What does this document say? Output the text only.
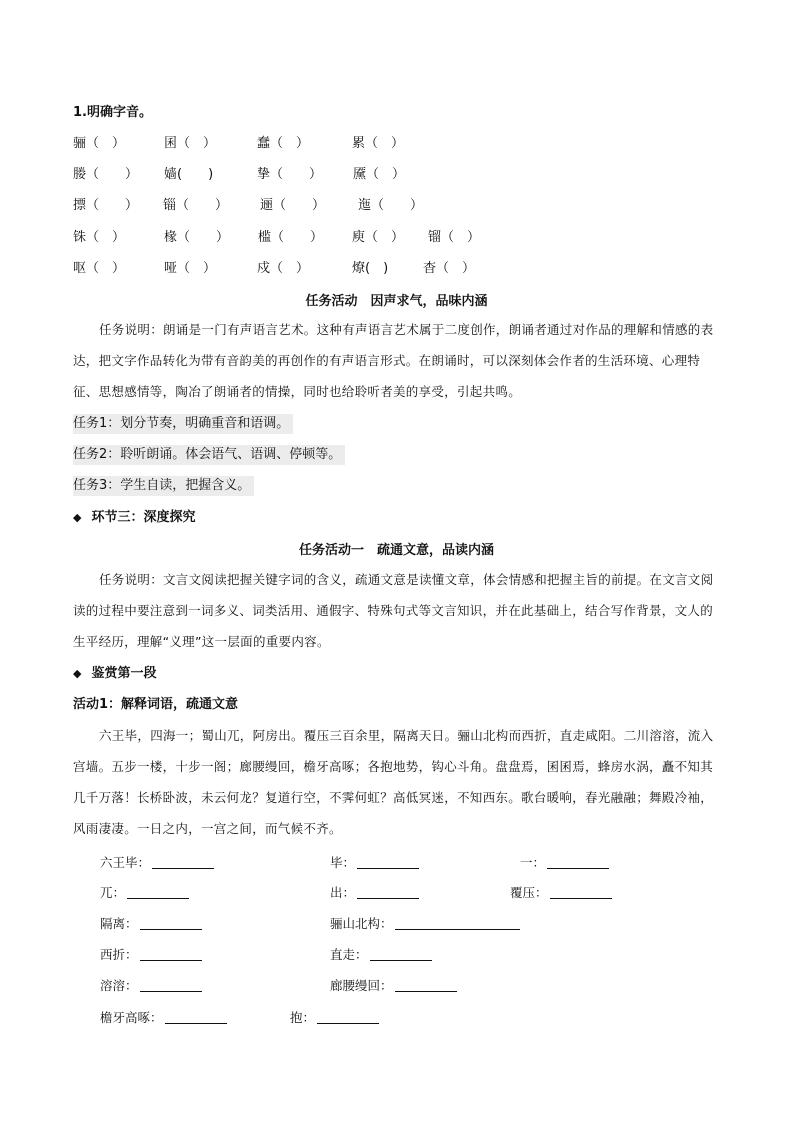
1.明确字音。
骊（　）	囷（　）	蠢（　）	累（　）
媵（　　） 嫱(　　)	挚（　　） 黡（　）
摽（　　） 锱（　　） 逦（　　）	迤（　　）
铢（　）	椽（　　） 槛（　　） 庾（　） 镏（　）
呕（　）	哑（　）	戍（　）	燎(　)	杳（　）
任务活动　因声求气，品味内涵
任务说明：朗诵是一门有声语言艺术。这种有声语言艺术属于二度创作，朗诵者通过对作品的理解和情感的表达，把文字作品转化为带有音韵美的再创作的有声语言形式。在朗诵时，可以深刻体会作者的生活环境、心理特征、思想感情等，陶冶了朗诵者的情操，同时也给聆听者美的享受，引起共鸣。
任务1：划分节奏，明确重音和语调。
任务2：聆听朗诵。体会语气、语调、停顿等。
任务3：学生自读，把握含义。
◆ 环节三：深度探究
任务活动一　疏通文意，品读内涵
任务说明：文言文阅读把握关键字词的含义，疏通文意是读懂文章，体会情感和把握主旨的前提。在文言文阅读的过程中要注意到一词多义、词类活用、通假字、特殊句式等文言知识，并在此基础上，结合写作背景，文人的生平经历，理解“义理”这一层面的重要内容。
◆ 鉴赏第一段
活动1：解释词语，疏通文意
六王毕，四海一；蜀山兀，阿房出。覆压三百余里，隔离天日。骊山北构而西折，直走咸阳。二川溶溶，流入宫墙。五步一楼，十步一阁；廊腰缦回，檐牙高啄；各抱地势，钩心斗角。盘盘焉，囷囷焉，蜂房水涡，矗不知其几千万落！长桥卧波，未云何龙？复道行空，不霁何虹？高低冥迷，不知西东。歌台暖响，春光融融；舞殿冷袖，风雨凄凄。一日之内，一宫之间，而气候不齐。
六王毕：	毕：	一：
兀：	出：	覆压：
隔离：	骊山北构：
西折：	直走：
溶溶：	廊腰缦回：
檐牙高啄：	抱：
